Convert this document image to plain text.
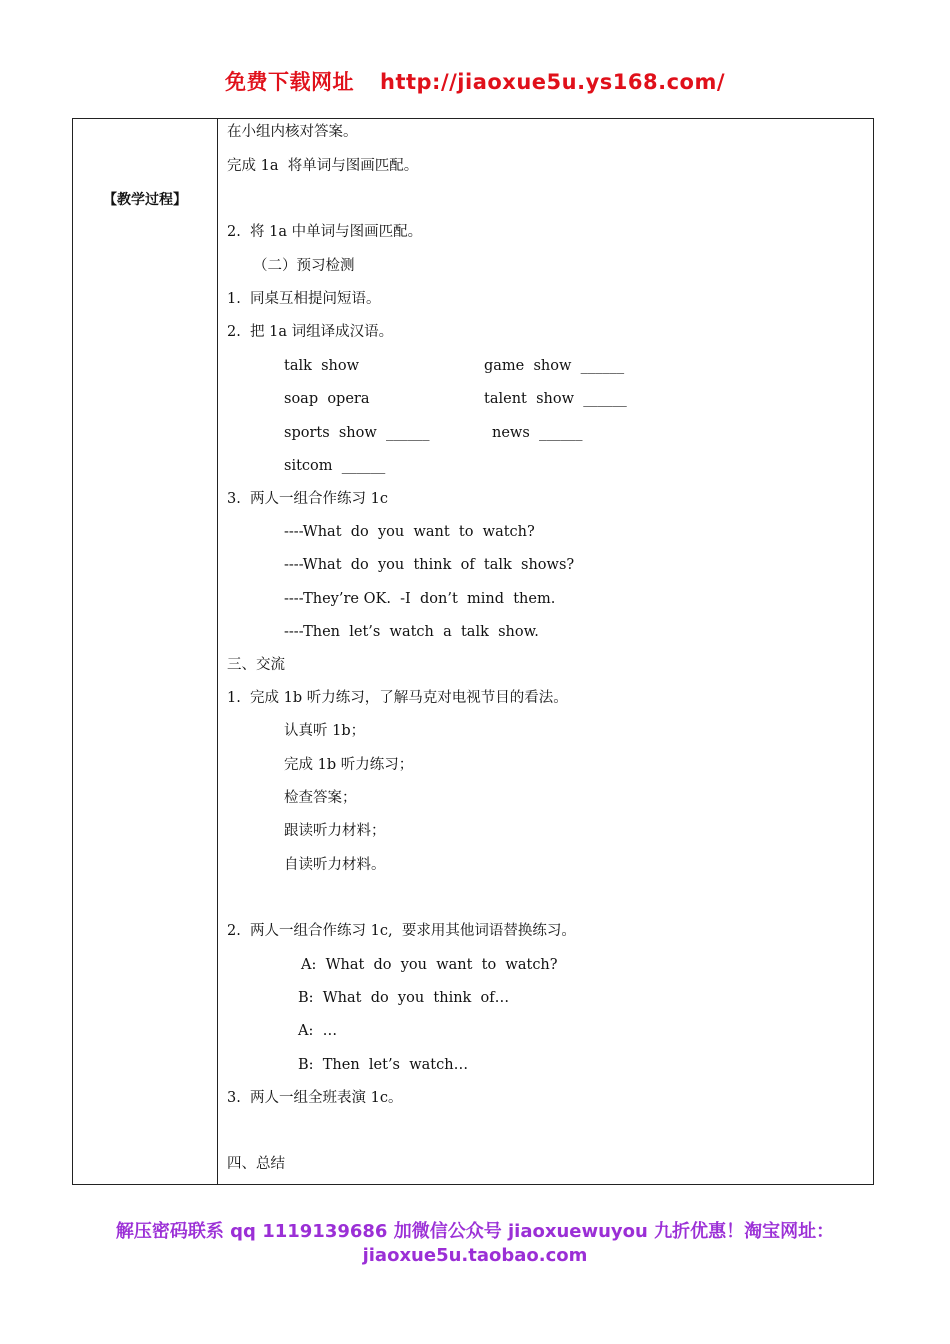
免费下载网址 http://jiaoxue5u.ys168.com/
【教学过程】
在小组内核对答案。
完成 1a  将单词与图画匹配。
2.  将 1a 中单词与图画匹配。
（二）预习检测
1.  同桌互相提问短语。
2.  把 1a 词组译成汉语。
talk  show	game  show  ______
soap  opera	talent  show  ______
sports  show  ______	news  ______
sitcom  ______
3.  两人一组合作练习 1c
----What  do  you  want  to  watch?
----What  do  you  think  of  talk  shows?
----They’re OK.  -I  don’t  mind  them.
----Then  let’s  watch  a  talk  show.
三、交流
1.  完成 1b 听力练习，了解马克对电视节目的看法。
认真听 1b；
完成 1b 听力练习；
检查答案；
跟读听力材料；
自读听力材料。
2.  两人一组合作练习 1c,  要求用其他词语替换练习。
A:  What  do  you  want  to  watch?
B:  What  do  you  think  of…
A:  …
B:  Then  let’s  watch…
3.  两人一组全班表演 1c。
四、总结
解压密码联系 qq 1119139686 加微信公众号 jiaoxuewuyou 九折优惠！淘宝网址：
jiaoxue5u.taobao.com
